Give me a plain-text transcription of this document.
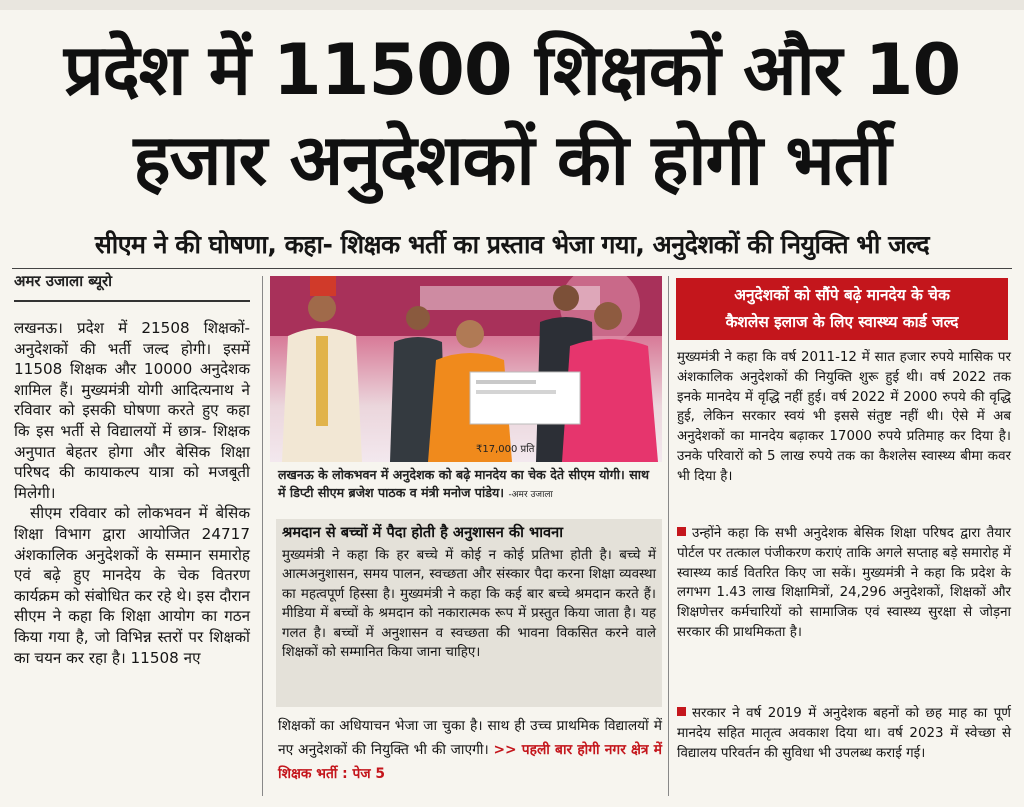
प्रदेश में 11500 शिक्षकों और 10
हजार अनुदेशकों की होगी भर्ती
सीएम ने की घोषणा, कहा- शिक्षक भर्ती का प्रस्ताव भेजा गया, अनुदेशकों की नियुक्ति भी जल्द
अमर उजाला ब्यूरो

लखनऊ। प्रदेश में 21508 शिक्षकों- अनुदेशकों की भर्ती जल्द होगी। इसमें 11508 शिक्षक और 10000 अनुदेशक शामिल हैं। मुख्यमंत्री योगी आदित्यनाथ ने रविवार को इसकी घोषणा करते हुए कहा कि इस भर्ती से विद्यालयों में छात्र- शिक्षक अनुपात बेहतर होगा और बेसिक शिक्षा परिषद की कायाकल्प यात्रा को मजबूती मिलेगी।

सीएम रविवार को लोकभवन में बेसिक शिक्षा विभाग द्वारा आयोजित 24717 अंशकालिक अनुदेशकों के सम्मान समारोह एवं बढ़े हुए मानदेय के चेक वितरण कार्यक्रम को संबोधित कर रहे थे। इस दौरान सीएम ने कहा कि शिक्षा आयोग का गठन किया गया है, जो विभिन्न स्तरों पर शिक्षकों का चयन कर रहा है। 11508 नए

₹17,000 प्रति
लखनऊ के लोकभवन में अनुदेशक को बढ़े मानदेय का चेक देते सीएम योगी। साथ में डिप्टी सीएम ब्रजेश पाठक व मंत्री मनोज पांडेय। -अमर उजाला
श्रमदान से बच्चों में पैदा होती है अनुशासन की भावना
मुख्यमंत्री ने कहा कि हर बच्चे में कोई न कोई प्रतिभा होती है। बच्चे में आत्मअनुशासन, समय पालन, स्वच्छता और संस्कार पैदा करना शिक्षा व्यवस्था का महत्वपूर्ण हिस्सा है। मुख्यमंत्री ने कहा कि कई बार बच्चे श्रमदान करते हैं। मीडिया में बच्चों के श्रमदान को नकारात्मक रूप में प्रस्तुत किया जाता है। यह गलत है। बच्चों में अनुशासन व स्वच्छता की भावना विकसित करने वाले शिक्षकों को सम्मानित किया जाना चाहिए।
शिक्षकों का अधियाचन भेजा जा चुका है। साथ ही उच्च प्राथमिक विद्यालयों में नए अनुदेशकों की नियुक्ति भी की जाएगी। >> पहली बार होगी नगर क्षेत्र में शिक्षक भर्ती : पेज 5
अनुदेशकों को सौंपे बढ़े मानदेय के चेक
कैशलेस इलाज के लिए स्वास्थ्य कार्ड जल्द
मुख्यमंत्री ने कहा कि वर्ष 2011-12 में सात हजार रुपये मासिक पर अंशकालिक अनुदेशकों की नियुक्ति शुरू हुई थी। वर्ष 2022 तक इनके मानदेय में वृद्धि नहीं हुई। वर्ष 2022 में 2000 रुपये की वृद्धि हुई, लेकिन सरकार स्वयं भी इससे संतुष्ट नहीं थी। ऐसे में अब अनुदेशकों का मानदेय बढ़ाकर 17000 रुपये प्रतिमाह कर दिया है। उनके परिवारों को 5 लाख रुपये तक का कैशलेस स्वास्थ्य बीमा कवर भी दिया है।
उन्होंने कहा कि सभी अनुदेशक बेसिक शिक्षा परिषद द्वारा तैयार पोर्टल पर तत्काल पंजीकरण कराएं ताकि अगले सप्ताह बड़े समारोह में स्वास्थ्य कार्ड वितरित किए जा सकें। मुख्यमंत्री ने कहा कि प्रदेश के लगभग 1.43 लाख शिक्षामित्रों, 24,296 अनुदेशकों, शिक्षकों और शिक्षणेत्तर कर्मचारियों को सामाजिक एवं स्वास्थ्य सुरक्षा से जोड़ना सरकार की प्राथमिकता है।
सरकार ने वर्ष 2019 में अनुदेशक बहनों को छह माह का पूर्ण मानदेय सहित मातृत्व अवकाश दिया था। वर्ष 2023 में स्वेच्छा से विद्यालय परिवर्तन की सुविधा भी उपलब्ध कराई गई।
